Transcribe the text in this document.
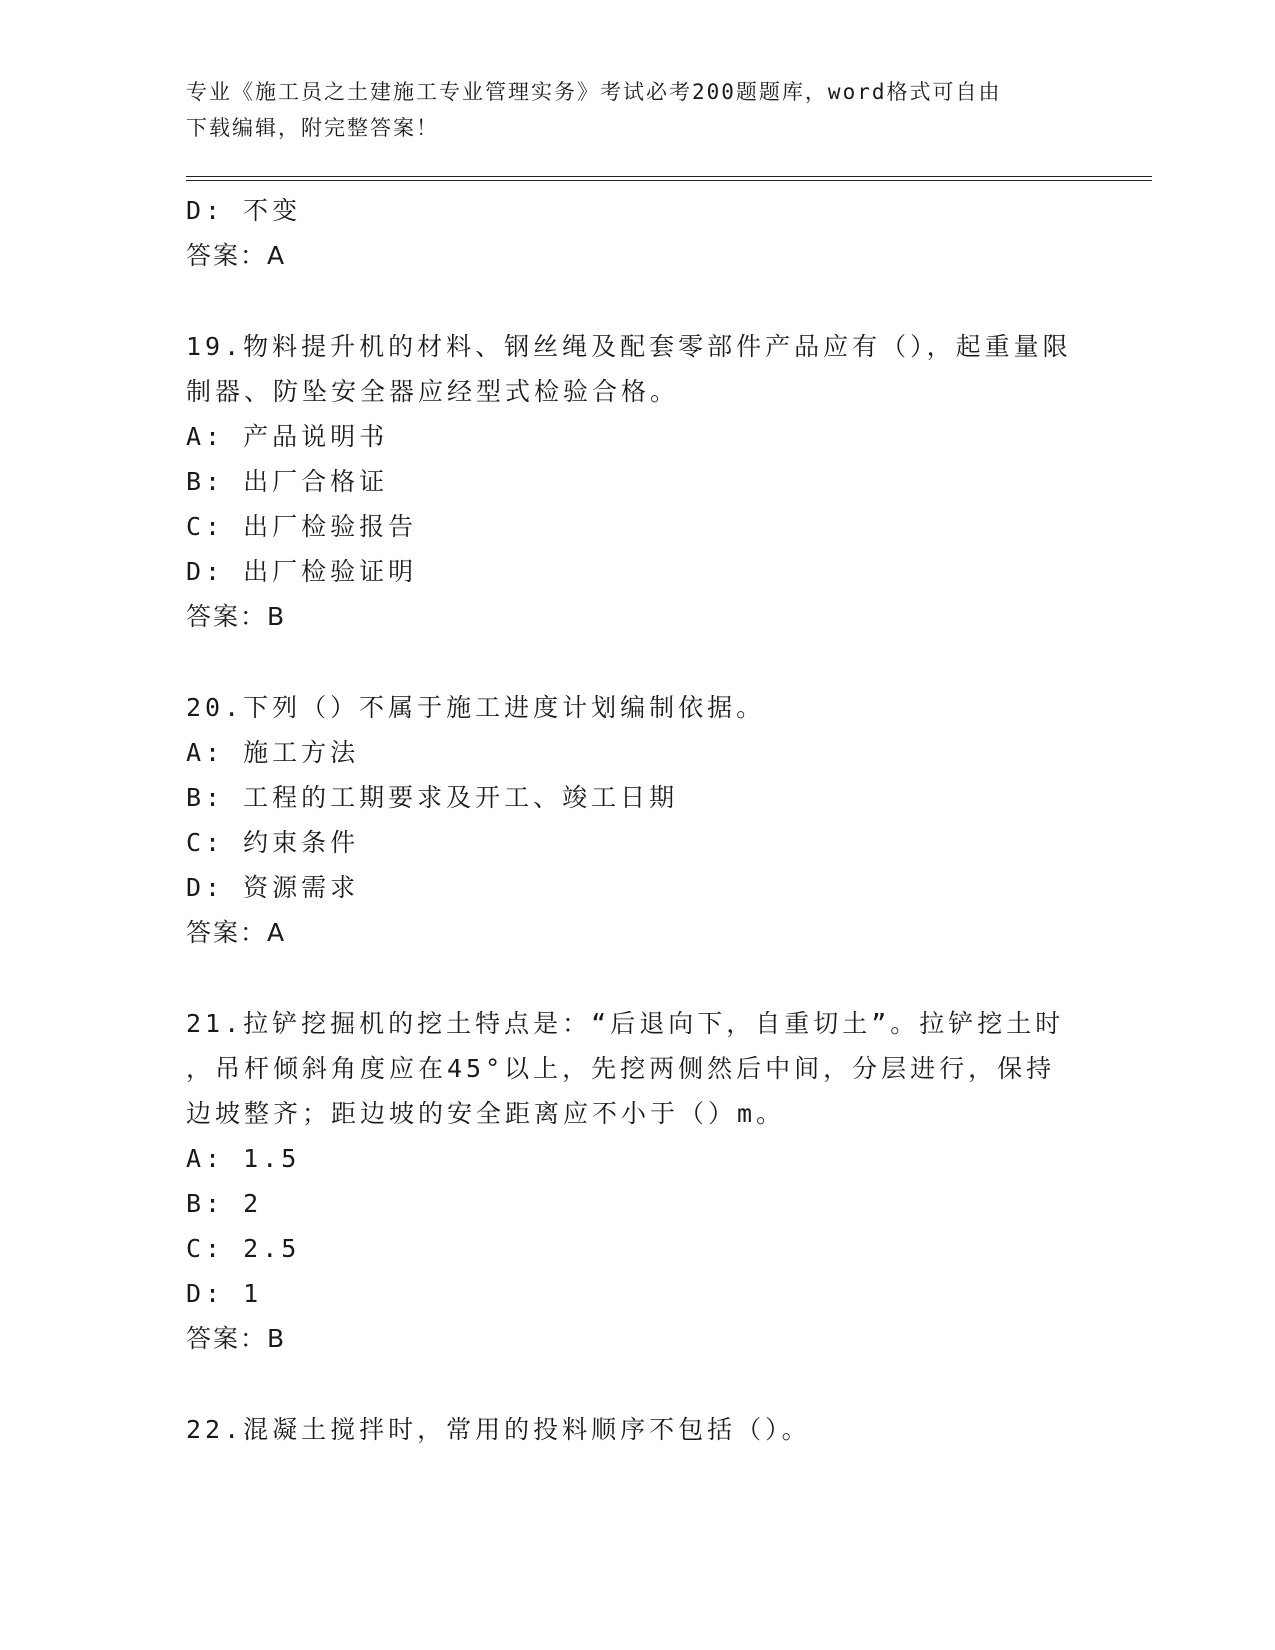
专业《施工员之土建施工专业管理实务》考试必考200题题库，word格式可自由
下载编辑，附完整答案！
D: 不变
答案：A
19.物料提升机的材料、钢丝绳及配套零部件产品应有（），起重量限
制器、防坠安全器应经型式检验合格。
A: 产品说明书
B: 出厂合格证
C: 出厂检验报告
D: 出厂检验证明
答案：B
20.下列（）不属于施工进度计划编制依据。
A: 施工方法
B: 工程的工期要求及开工、竣工日期
C: 约束条件
D: 资源需求
答案：A
21.拉铲挖掘机的挖土特点是：“后退向下，自重切土”。拉铲挖土时
，吊杆倾斜角度应在45°以上，先挖两侧然后中间，分层进行，保持
边坡整齐；距边坡的安全距离应不小于（）m。
A: 1.5
B: 2
C: 2.5
D: 1
答案：B
22.混凝土搅拌时，常用的投料顺序不包括（）。
